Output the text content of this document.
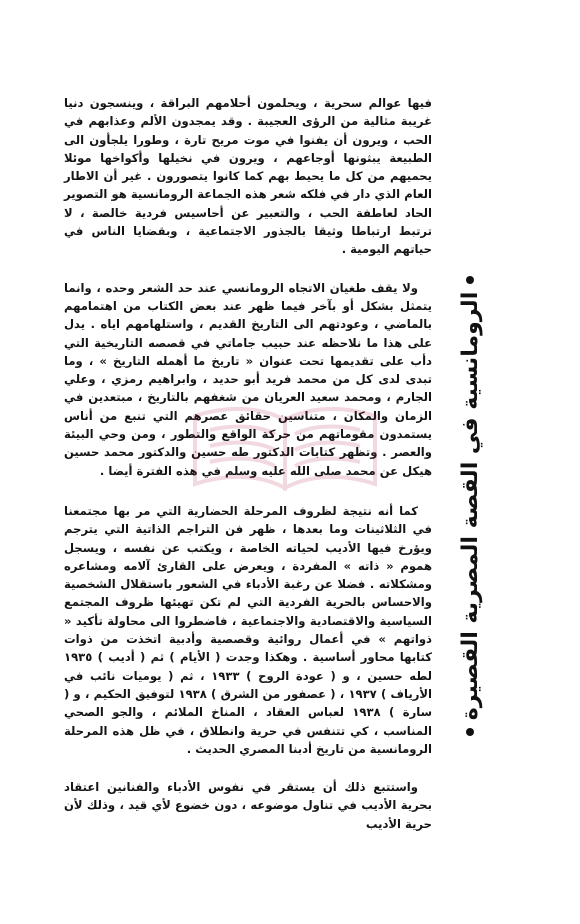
فيها عوالم سحرية ، ويحلمون أحلامهم البراقة ، وينسجون دنيا غريبة مثالية من الرؤى العجيبة . وقد يمجدون الألم وعذابهم في الحب ، ويرون أن يفنوا في موت مريح تارة ، وطورا يلجأون الى الطبيعة يبثونها أوجاعهم ، ويرون في نخيلها وأكواخها موئلا يحميهم من كل ما يحيط بهم كما كانوا يتصورون . غير أن الاطار العام الذي دار في فلكه شعر هذه الجماعة الرومانسية هو التصوير الحاد لعاطفة الحب ، والتعبير عن أحاسيس فردية خالصة ، لا ترتبط ارتباطا وثيقا بالجذور الاجتماعية ، وبقضايا الناس في حياتهم اليومية .

ولا يقف طغيان الاتجاه الرومانسي عند حد الشعر وحده ، وانما يتمثل بشكل أو بآخر فيما ظهر عند بعض الكتاب من اهتمامهم بالماضي ، وعودتهم الى التاريخ القديم ، واستلهامهم اياه . يدل على هذا ما نلاحظه عند حبيب جاماتي في قصصه التاريخية التي دأب على تقديمها تحت عنوان « تاريخ ما أهمله التاريخ » ، وما تبدى لدى كل من محمد فريد أبو حديد ، وابراهيم رمزي ، وعلي الجارم ، ومحمد سعيد العريان من شغفهم بالتاريخ ، مبتعدين في الزمان والمكان ، متناسين حقائق عصرهم التي تنبع من أناس يستمدون مقوماتهم من حركة الواقع والتطور ، ومن وحي البيئة والعصر . وتظهر كتابات الدكتور طه حسين والدكتور محمد حسين هيكل عن محمد صلى الله عليه وسلم في هذه الفترة أيضا .

كما أنه نتيجة لظروف المرحلة الحضارية التي مر بها مجتمعنا في الثلاثينات وما بعدها ، ظهر فن التراجم الذاتية التي يترجم ويؤرخ فيها الأديب لحياته الخاصة ، ويكتب عن نفسه ، ويسجل هموم « ذاته » المفردة ، ويعرض على القارئ آلامه ومشاعره ومشكلاته . فضلا عن رغبة الأدباء في الشعور باستقلال الشخصية والاحساس بالحرية الفردية التي لم تكن تهيئها ظروف المجتمع السياسية والاقتصادية والاجتماعية ، فاضطروا الى محاولة تأكيد « ذواتهم » في أعمال روائية وقصصية وأدبية اتخذت من ذوات كتابها محاور أساسية . وهكذا وجدت ( الأيام ) ثم ( أديب ) ١٩٣٥ لطه حسين ، و ( عودة الروح ) ١٩٣٣ ، ثم ( يوميات نائب في الأرياف ) ١٩٣٧ ، ( عصفور من الشرق ) ١٩٣٨ لتوفيق الحكيم ، و ( سارة ) ١٩٣٨ لعباس العقاد ، المناخ الملائم ، والجو الصحي المناسب ، كي تتنفس في حرية وانطلاق ، في ظل هذه المرحلة الرومانسية من تاريخ أدبنا المصري الحديث .

واستتبع ذلك أن يستقر في نفوس الأدباء والفنانين اعتقاد بحرية الأديب في تناول موضوعه ، دون خضوع لأي قيد ، وذلك لأن حرية الأديب

الرومانسية في القصة المصرية القصيرة
